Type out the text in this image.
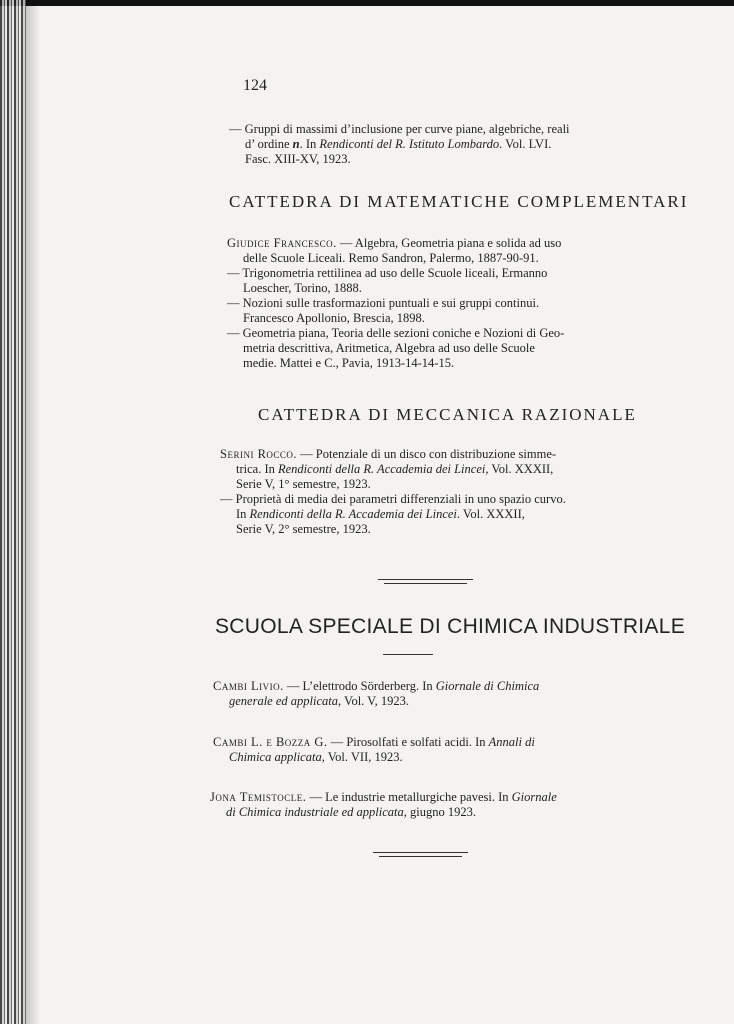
124
— Gruppi di massimi d’inclusione per curve piane, algebriche, reali
d’ ordine n. In Rendiconti del R. Istituto Lombardo. Vol. LVI.
Fasc. XIII-XV, 1923.
CATTEDRA DI MATEMATICHE COMPLEMENTARI
Giudice Francesco. — Algebra, Geometria piana e solida ad uso
delle Scuole Liceali. Remo Sandron, Palermo, 1887-90-91.
— Trigonometria rettilinea ad uso delle Scuole liceali, Ermanno
Loescher, Torino, 1888.
— Nozioni sulle trasformazioni puntuali e sui gruppi continui.
Francesco Apollonio, Brescia, 1898.
— Geometria piana, Teoria delle sezioni coniche e Nozioni di Geo-
metria descrittiva, Aritmetica, Algebra ad uso delle Scuole
medie. Mattei e C., Pavia, 1913-14-14-15.
CATTEDRA DI MECCANICA RAZIONALE
Serini Rocco. — Potenziale di un disco con distribuzione simme-
trica. In Rendiconti della R. Accademia dei Lincei, Vol. XXXII,
Serie V, 1° semestre, 1923.
— Proprietà di media dei parametri differenziali in uno spazio curvo.
In Rendiconti della R. Accademia dei Lincei. Vol. XXXII,
Serie V, 2° semestre, 1923.
SCUOLA SPECIALE DI CHIMICA INDUSTRIALE
Cambi Livio. — L’elettrodo Sörderberg. In Giornale di Chimica
generale ed applicata, Vol. V, 1923.
Cambi L. e Bozza G. — Pirosolfati e solfati acidi. In Annali di
Chimica applicata, Vol. VII, 1923.
Jona Temistocle. — Le industrie metallurgiche pavesi. In Giornale
di Chimica industriale ed applicata, giugno 1923.
